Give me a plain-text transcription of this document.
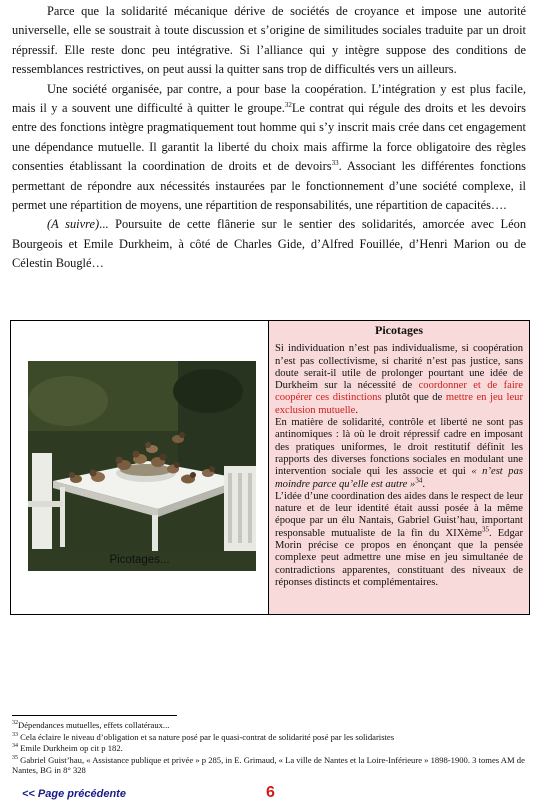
Parce que la solidarité mécanique dérive de sociétés de croyance et impose une autorité universelle, elle se soustrait à toute discussion et s’origine de similitudes sociales traduite par un droit répressif. Elle reste donc peu intégrative. Si l’alliance qui y intègre suppose des conditions de ressemblances restrictives, on peut aussi la quitter sans trop de difficultés vers un ailleurs.

Une société organisée, par contre, a pour base la coopération. L’intégration y est plus facile, mais il y a souvent une difficulté à quitter le groupe.$^{32}$Le contrat qui régule des droits et les devoirs entre des fonctions intègre pragmatiquement tout homme qui s’y inscrit mais crée dans cet engagement une dépendance mutuelle. Il garantit la liberté du choix mais affirme la force obligatoire des règles consenties établissant la coordination de droits et de devoirs$^{33}$. Associant les différentes fonctions permettant de répondre aux nécessités instaurées par le fonctionnement d’une société complexe, il permet une répartition de moyens, une répartition de responsabilités, une répartition de capacités….

(A suivre)... Poursuite de cette flânerie sur le sentier des solidarités, amorcée avec Léon Bourgeois et Emile Durkheim, à côté de Charles Gide, d’Alfred Fouillée, d’Henri Marion ou de Célestin Bouglé…

Picotages...
Picotages

Si individuation n’est pas individualisme, si coopération n’est pas collectivisme, si charité n’est pas justice, sans doute serait-il utile de prolonger pourtant une idée de Durkheim sur la nécessité de coordonner et de faire coopérer ces distinctions plutôt que de mettre en jeu leur exclusion mutuelle.

En matière de solidarité, contrôle et liberté ne sont pas antinomiques : là où le droit répressif cadre en imposant des pratiques uniformes, le droit restitutif définit les rapports des diverses fonctions sociales en modulant une intervention sociale qui les associe et qui « n’est pas moindre parce qu’elle est autre »$^{34}$.

L’idée d’une coordination des aides dans le respect de leur nature et de leur identité était aussi posée à la même époque par un élu Nantais, Gabriel Guist’hau, important responsable mutualiste de la fin du XIXème$^{35}$. Edgar Morin précise ce propos en énonçant que la pensée complexe peut admettre une mise en jeu simultanée de contradictions apparentes, constituant des niveaux de réponses distincts et complémentaires.

$^{32}$Dépendances mutuelles, effets collatéraux...
$^{33}$ Cela éclaire le niveau d’obligation et sa nature posé par le quasi-contrat de solidarité posé par les solidaristes
$^{34}$ Emile Durkheim op cit p 182.
$^{35}$ Gabriel Guist’hau, « Assistance publique et privée » p 285, in E. Grimaud, « La ville de Nantes et la Loire-Inférieure » 1898-1900. 3 tomes AM de Nantes, BG in 8° 328
<< Page précédente	6
